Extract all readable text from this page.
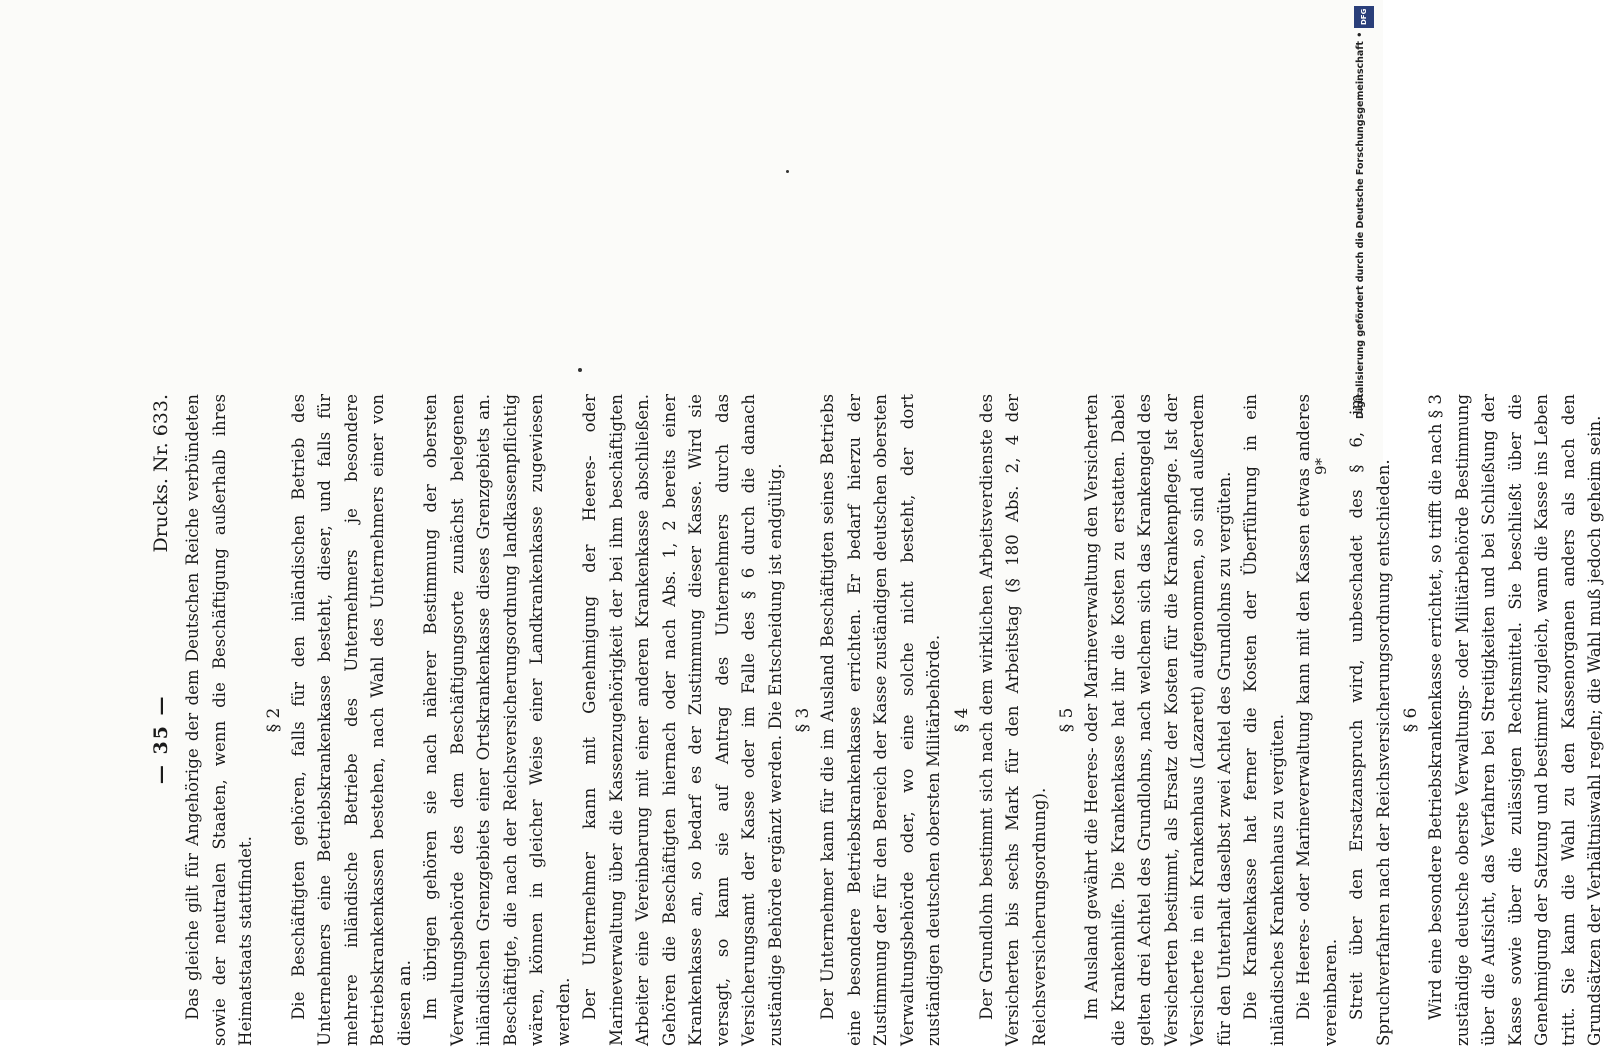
— 35 —
Drucks. Nr. 633. Das gleiche gilt für Angehörige der dem Deutschen Reiche verbündeten sowie der neutralen Staaten, wenn die Beschäftigung außerhalb ihres Heimatstaats stattfindet.

§ 2 Die Beschäftigten gehören, falls für den inländischen Betrieb des Unternehmers eine Betriebskrankenkasse besteht, dieser, und falls für mehrere inländische Betriebe des Unternehmers je besondere Betriebskrankenkassen bestehen, nach Wahl des Unternehmers einer von diesen an. Im übrigen gehören sie nach näherer Bestimmung der obersten Verwaltungsbehörde des dem Beschäftigungsorte zunächst belegenen inländischen Grenzgebiets einer Ortskrankenkasse dieses Grenzgebiets an. Beschäftigte, die nach der Reichsversicherungsordnung landkassenpflichtig wären, können in gleicher Weise einer Landkrankenkasse zugewiesen werden. Der Unternehmer kann mit Genehmigung der Heeres- oder Marineverwaltung über die Kassenzugehörigkeit der bei ihm beschäftigten Arbeiter eine Vereinbarung mit einer anderen Krankenkasse abschließen. Gehören die Beschäftigten hiernach oder nach Abs. 1, 2 bereits einer Krankenkasse an, so bedarf es der Zustimmung dieser Kasse. Wird sie versagt, so kann sie auf Antrag des Unternehmers durch das Versicherungsamt der Kasse oder im Falle des § 6 durch die danach zuständige Behörde ergänzt werden. Die Entscheidung ist endgültig. § 3 Der Unternehmer kann für die im Ausland Beschäftigten seines Betriebs eine besondere Betriebskrankenkasse errichten. Er bedarf hierzu der Zustimmung der für den Bereich der Kasse zuständigen deutschen obersten Verwaltungsbehörde oder, wo eine solche nicht besteht, der dort zuständigen deutschen obersten Militärbehörde. § 4 Der Grundlohn bestimmt sich nach dem wirklichen Arbeitsverdienste des Versicherten bis sechs Mark für den Arbeitstag (§ 180 Abs. 2, 4 der Reichsversicherungsordnung).

§ 5 Im Ausland gewährt die Heeres- oder Marineverwaltung den Versicherten die Krankenhilfe. Die Krankenkasse hat ihr die Kosten zu erstatten. Dabei gelten drei Achtel des Grundlohns, nach welchem sich das Krankengeld des Versicherten bestimmt, als Ersatz der Kosten für die Krankenpflege. Ist der Versicherte in ein Krankenhaus (Lazarett) aufgenommen, so sind außerdem für den Unterhalt daselbst zwei Achtel des Grundlohns zu vergüten. Die Krankenkasse hat ferner die Kosten der Überführung in ein inländisches Krankenhaus zu vergüten. Die Heeres- oder Marineverwaltung kann mit den Kassen etwas anderes vereinbaren. Streit über den Ersatzanspruch wird, unbeschadet des § 6, im Spruchverfahren nach der Reichsversicherungsordnung entschieden. § 6 Wird eine besondere Betriebskrankenkasse errichtet, so trifft die nach § 3 zuständige deutsche oberste Verwaltungs- oder Militärbehörde Bestimmung über die Aufsicht, das Verfahren bei Streitigkeiten und bei Schließung der Kasse sowie über die zulässigen Rechtsmittel. Sie beschließt über die Genehmigung der Satzung und bestimmt zugleich, wann die Kasse ins Leben tritt. Sie kann die Wahl zu den Kassenorganen anders als nach den Grundsätzen der Verhältniswahl regeln; die Wahl muß jedoch geheim sein.

9*
DFG
Digitalisierung gefördert durch die Deutsche Forschungsgemeinschaft •
